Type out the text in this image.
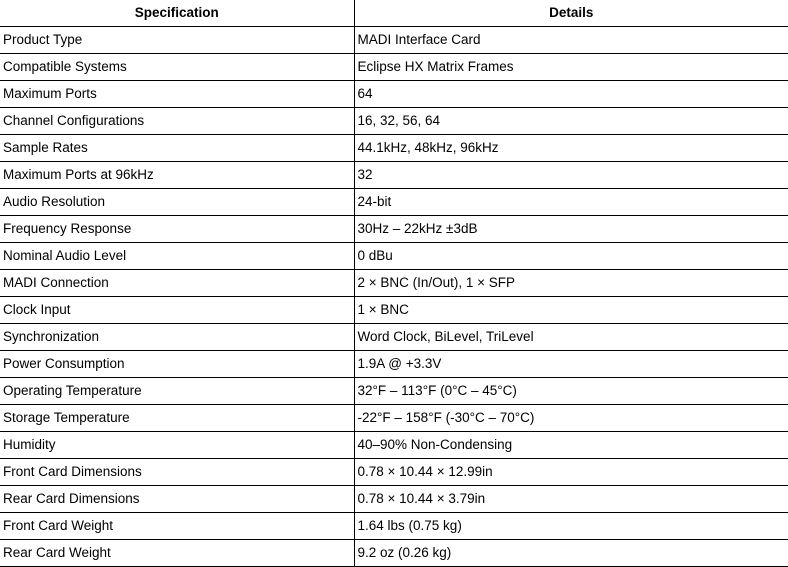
Specification	Details
Product Type	MADI Interface Card
Compatible Systems	Eclipse HX Matrix Frames
Maximum Ports	64
Channel Configurations	16, 32, 56, 64
Sample Rates	44.1kHz, 48kHz, 96kHz
Maximum Ports at 96kHz	32
Audio Resolution	24-bit
Frequency Response	30Hz – 22kHz ±3dB
Nominal Audio Level	0 dBu
MADI Connection	2 × BNC (In/Out), 1 × SFP
Clock Input	1 × BNC
Synchronization	Word Clock, BiLevel, TriLevel
Power Consumption	1.9A @ +3.3V
Operating Temperature	32°F – 113°F (0°C – 45°C)
Storage Temperature	-22°F – 158°F (-30°C – 70°C)
Humidity	40–90% Non-Condensing
Front Card Dimensions	0.78 × 10.44 × 12.99in
Rear Card Dimensions	0.78 × 10.44 × 3.79in
Front Card Weight	1.64 lbs (0.75 kg)
Rear Card Weight	9.2 oz (0.26 kg)
